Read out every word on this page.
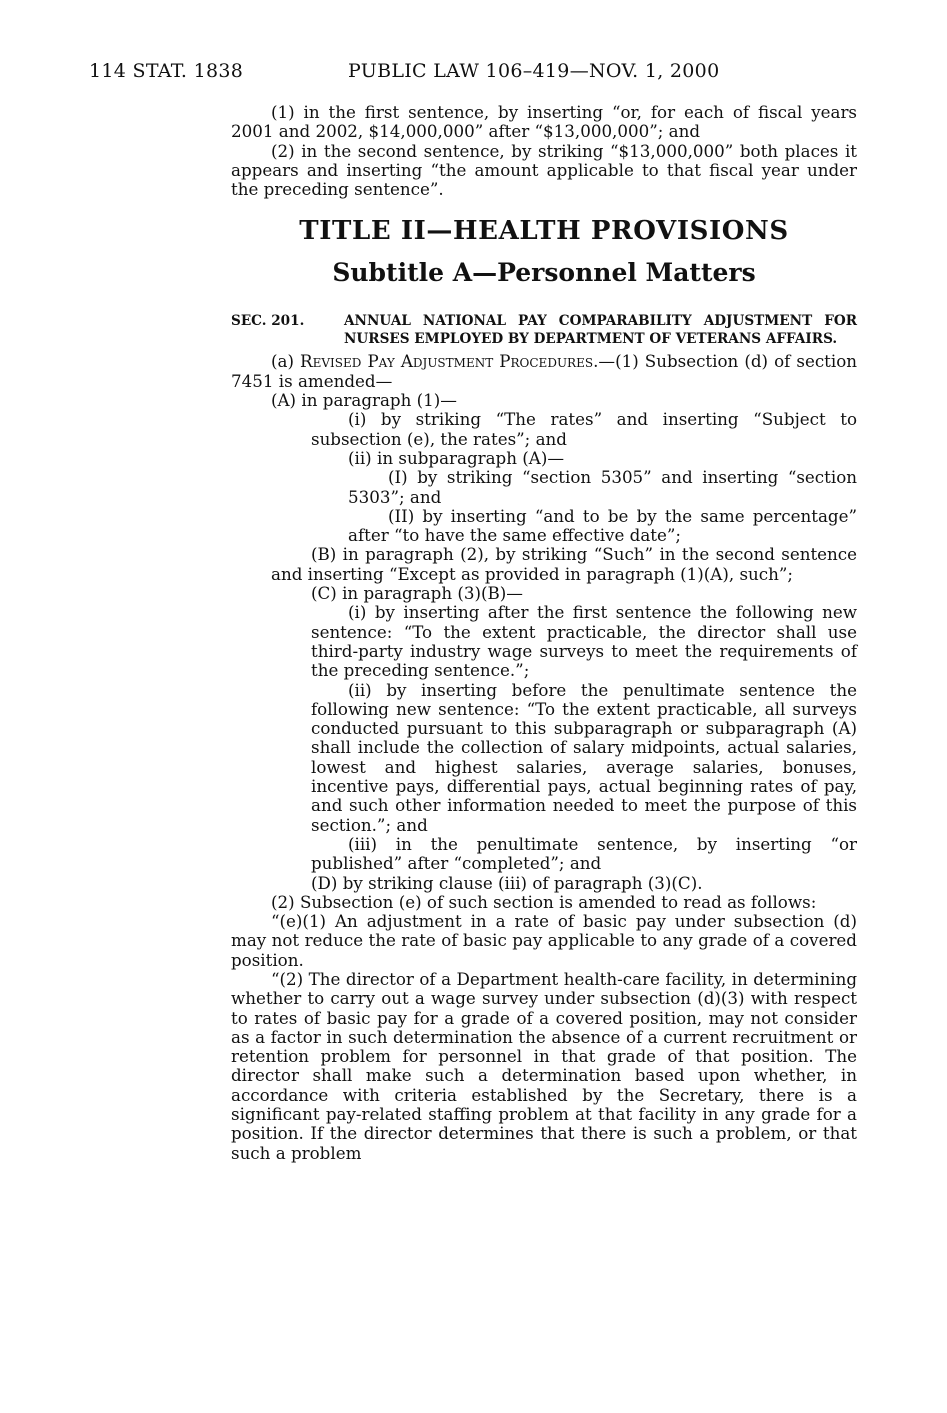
114 STAT. 1838	PUBLIC LAW 106–419—NOV. 1, 2000

(1) in the first sentence, by inserting “or, for each of fiscal years 2001 and 2002, $14,000,000” after “$13,000,000”; and

(2) in the second sentence, by striking “$13,000,000” both places it appears and inserting “the amount applicable to that fiscal year under the preceding sentence”.

TITLE II—HEALTH PROVISIONS
Subtitle A—Personnel Matters

SEC. 201.	ANNUAL NATIONAL PAY COMPARABILITY ADJUSTMENT FOR NURSES EMPLOYED BY DEPARTMENT OF VETERANS AFFAIRS.

(a) Revised Pay Adjustment Procedures.—(1) Subsection (d) of section 7451 is amended—

(A) in paragraph (1)—

(i) by striking “The rates” and inserting “Subject to subsection (e), the rates”; and

(ii) in subparagraph (A)—

(I) by striking “section 5305” and inserting “section 5303”; and

(II) by inserting “and to be by the same percentage” after “to have the same effective date”;

(B) in paragraph (2), by striking “Such” in the second sentence and inserting “Except as provided in paragraph (1)(A), such”;

(C) in paragraph (3)(B)—

(i) by inserting after the first sentence the following new sentence: “To the extent practicable, the director shall use third-party industry wage surveys to meet the requirements of the preceding sentence.”;

(ii) by inserting before the penultimate sentence the following new sentence: “To the extent practicable, all surveys conducted pursuant to this subparagraph or subparagraph (A) shall include the collection of salary midpoints, actual salaries, lowest and highest salaries, average salaries, bonuses, incentive pays, differential pays, actual beginning rates of pay, and such other information needed to meet the purpose of this section.”; and

(iii) in the penultimate sentence, by inserting “or published” after “completed”; and

(D) by striking clause (iii) of paragraph (3)(C).

(2) Subsection (e) of such section is amended to read as follows:

“(e)(1) An adjustment in a rate of basic pay under subsection (d) may not reduce the rate of basic pay applicable to any grade of a covered position.

“(2) The director of a Department health-care facility, in determining whether to carry out a wage survey under subsection (d)(3) with respect to rates of basic pay for a grade of a covered position, may not consider as a factor in such determination the absence of a current recruitment or retention problem for personnel in that grade of that position. The director shall make such a determination based upon whether, in accordance with criteria established by the Secretary, there is a significant pay-related staffing problem at that facility in any grade for a position. If the director determines that there is such a problem, or that such a problem
